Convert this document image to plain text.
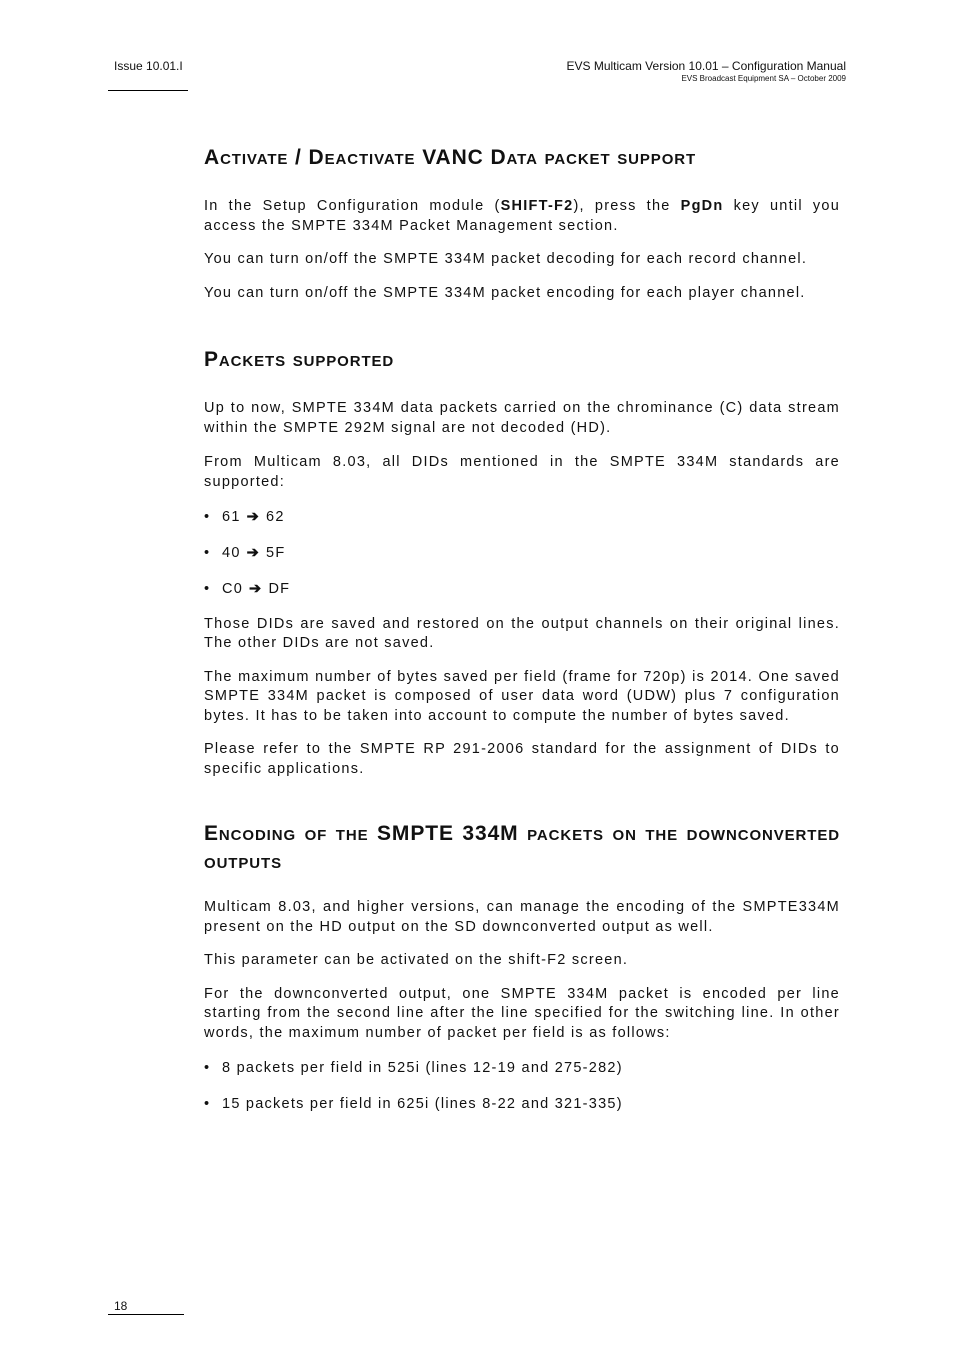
Issue 10.01.I	EVS Multicam Version 10.01 – Configuration Manual
EVS Broadcast Equipment SA – October 2009
Activate / Deactivate VANC Data packet support

In the Setup Configuration module (SHIFT-F2), press the PgDn key until you access the SMPTE 334M Packet Management section.

You can turn on/off the SMPTE 334M packet decoding for each record channel.

You can turn on/off the SMPTE 334M packet encoding for each player channel.

Packets supported

Up to now, SMPTE 334M data packets carried on the chrominance (C) data stream within the SMPTE 292M signal are not decoded (HD).

From Multicam 8.03, all DIDs mentioned in the SMPTE 334M standards are supported:

• 61 ➔ 62
• 40 ➔ 5F
• C0 ➔ DF

Those DIDs are saved and restored on the output channels on their original lines. The other DIDs are not saved.

The maximum number of bytes saved per field (frame for 720p) is 2014. One saved SMPTE 334M packet is composed of user data word (UDW) plus 7 configuration bytes. It has to be taken into account to compute the number of bytes saved.

Please refer to the SMPTE RP 291-2006 standard for the assignment of DIDs to specific applications.

Encoding of the SMPTE 334M packets on the downconverted outputs

Multicam 8.03, and higher versions, can manage the encoding of the SMPTE334M present on the HD output on the SD downconverted output as well.

This parameter can be activated on the shift-F2 screen.

For the downconverted output, one SMPTE 334M packet is encoded per line starting from the second line after the line specified for the switching line. In other words, the maximum number of packet per field is as follows:

• 8 packets per field in 525i (lines 12-19 and 275-282)
• 15 packets per field in 625i (lines 8-22 and 321-335)
18
